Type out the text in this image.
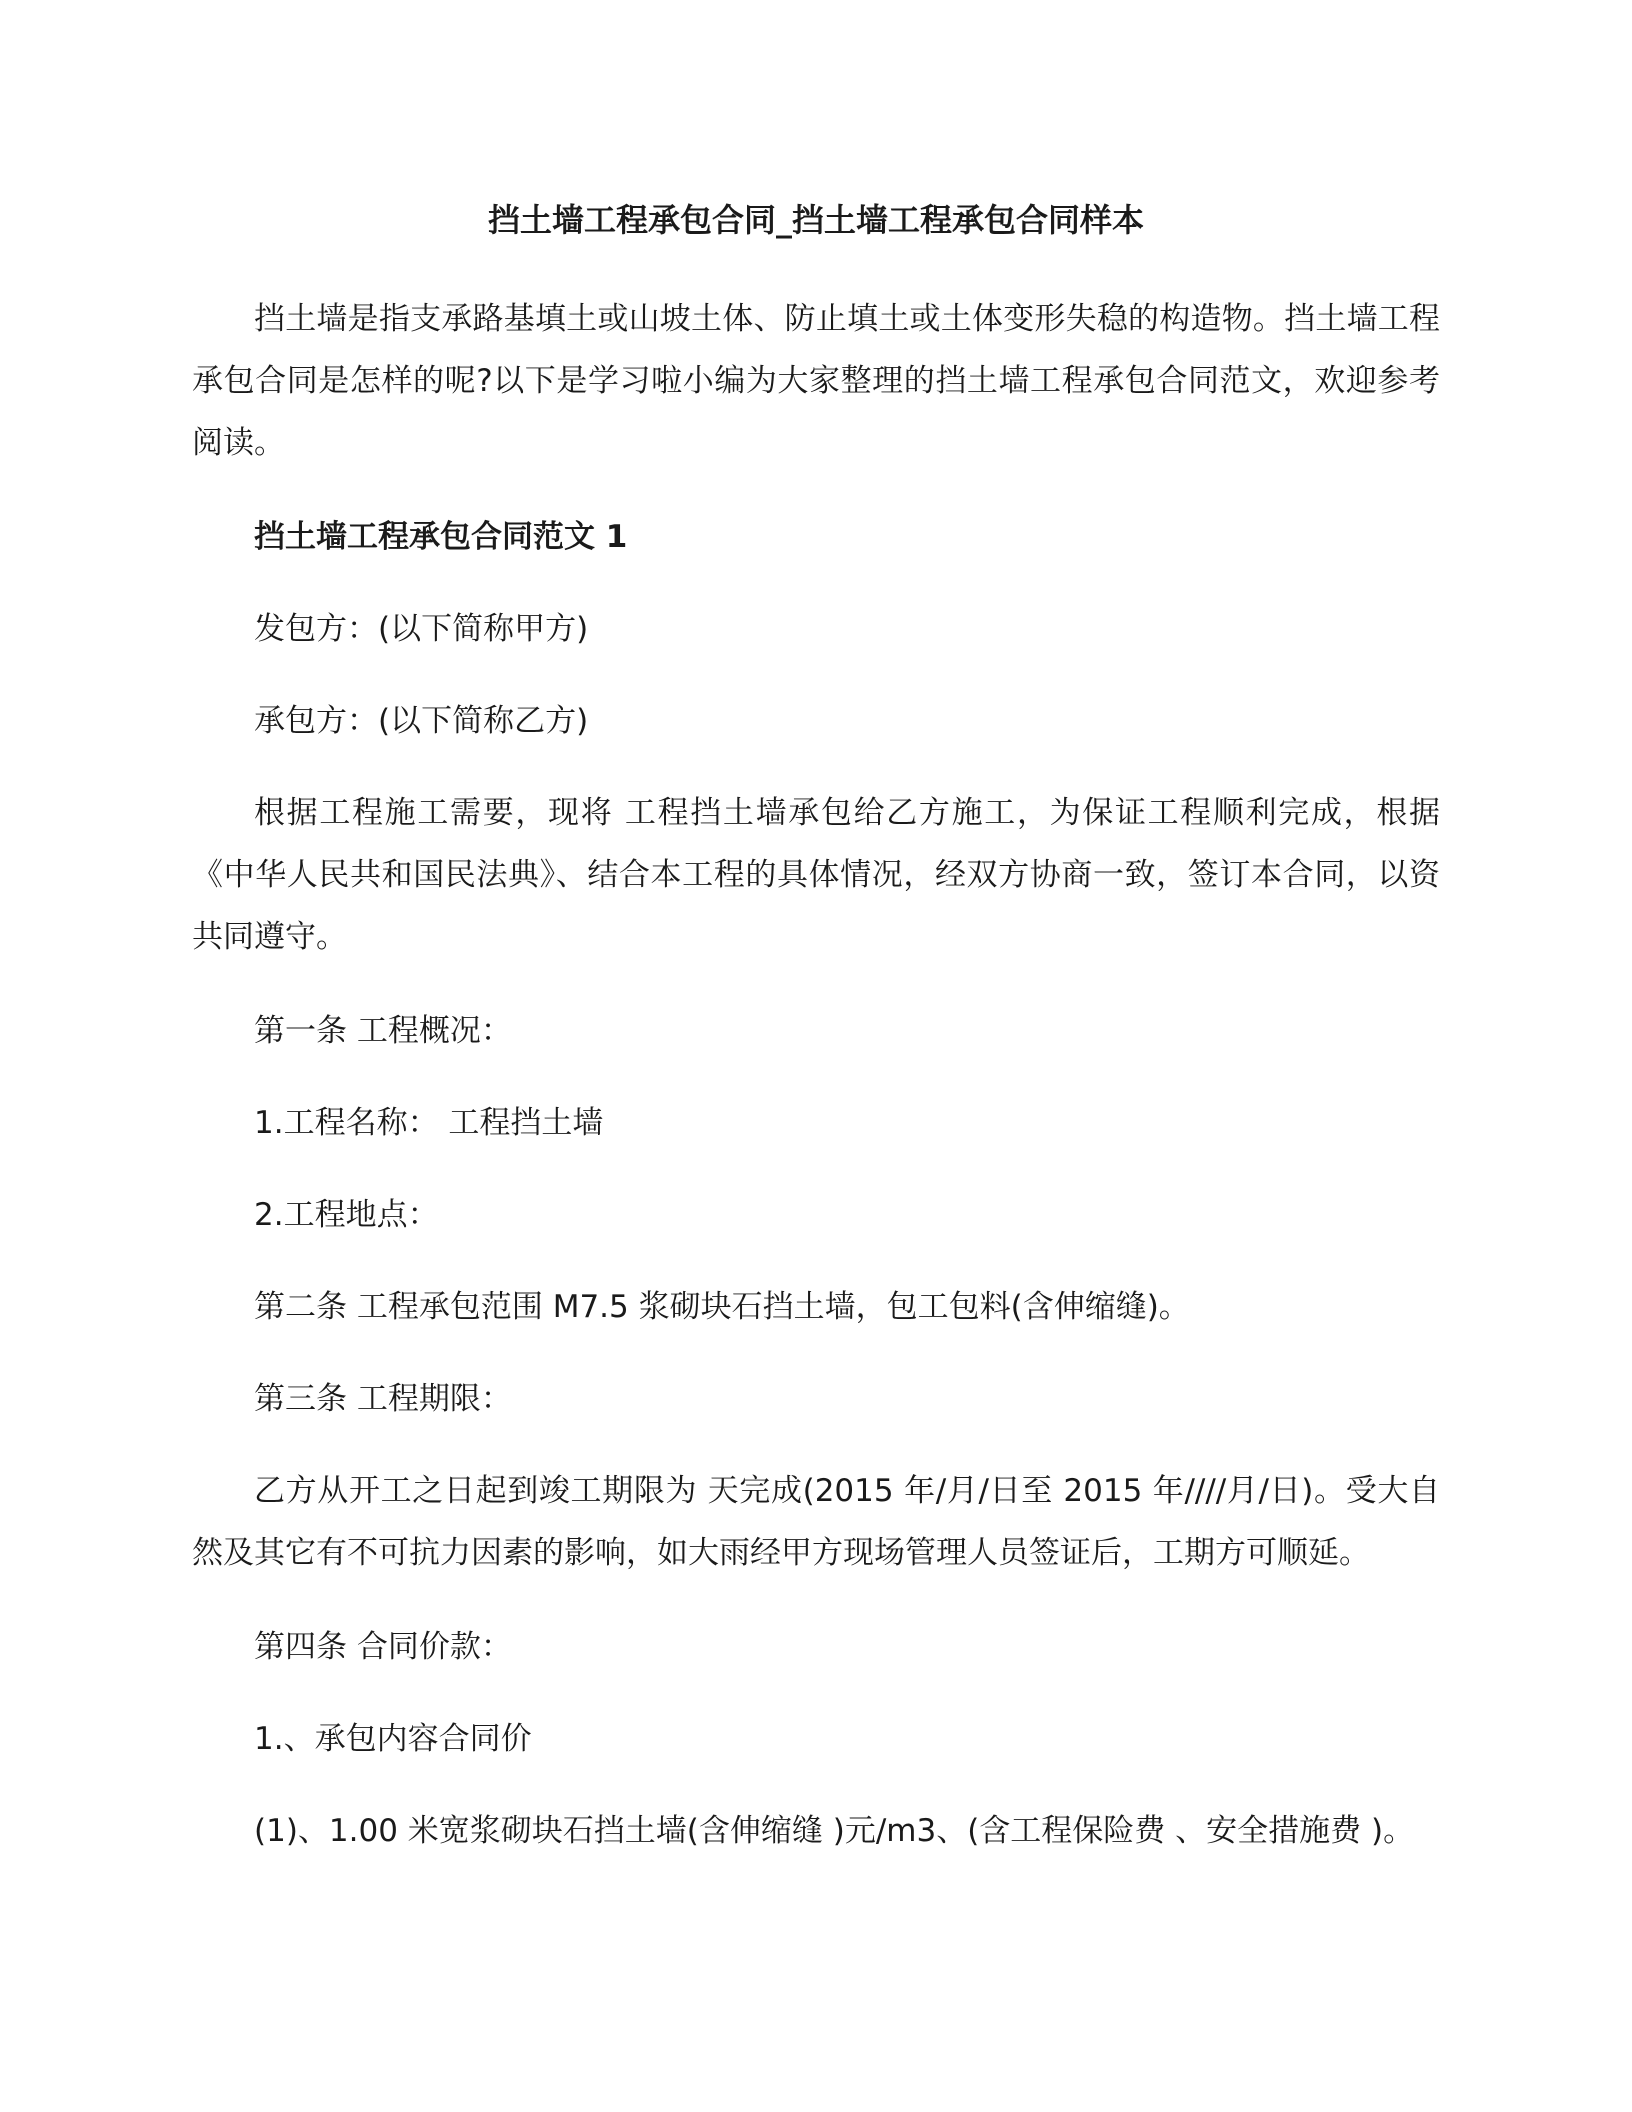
挡土墙工程承包合同_挡土墙工程承包合同样本

挡土墙是指支承路基填土或山坡土体、防止填土或土体变形失稳的构造物。挡土墙工程承包合同是怎样的呢?以下是学习啦小编为大家整理的挡土墙工程承包合同范文，欢迎参考阅读。

挡土墙工程承包合同范文 1

发包方：(以下简称甲方)

承包方：(以下简称乙方)

根据工程施工需要，现将 工程挡土墙承包给乙方施工，为保证工程顺利完成，根据《中华人民共和国民法典》、结合本工程的具体情况，经双方协商一致，签订本合同，以资共同遵守。

第一条 工程概况：

1.工程名称： 工程挡土墙

2.工程地点：

第二条 工程承包范围 M7.5 浆砌块石挡土墙，包工包料(含伸缩缝)。

第三条 工程期限：

乙方从开工之日起到竣工期限为 天完成(2015 年/月/日至 2015 年////月/日)。受大自然及其它有不可抗力因素的影响，如大雨经甲方现场管理人员签证后，工期方可顺延。

第四条 合同价款：

1.、承包内容合同价

(1)、1.00 米宽浆砌块石挡土墙(含伸缩缝 )元/m3、(含工程保险费 、安全措施费 )。
